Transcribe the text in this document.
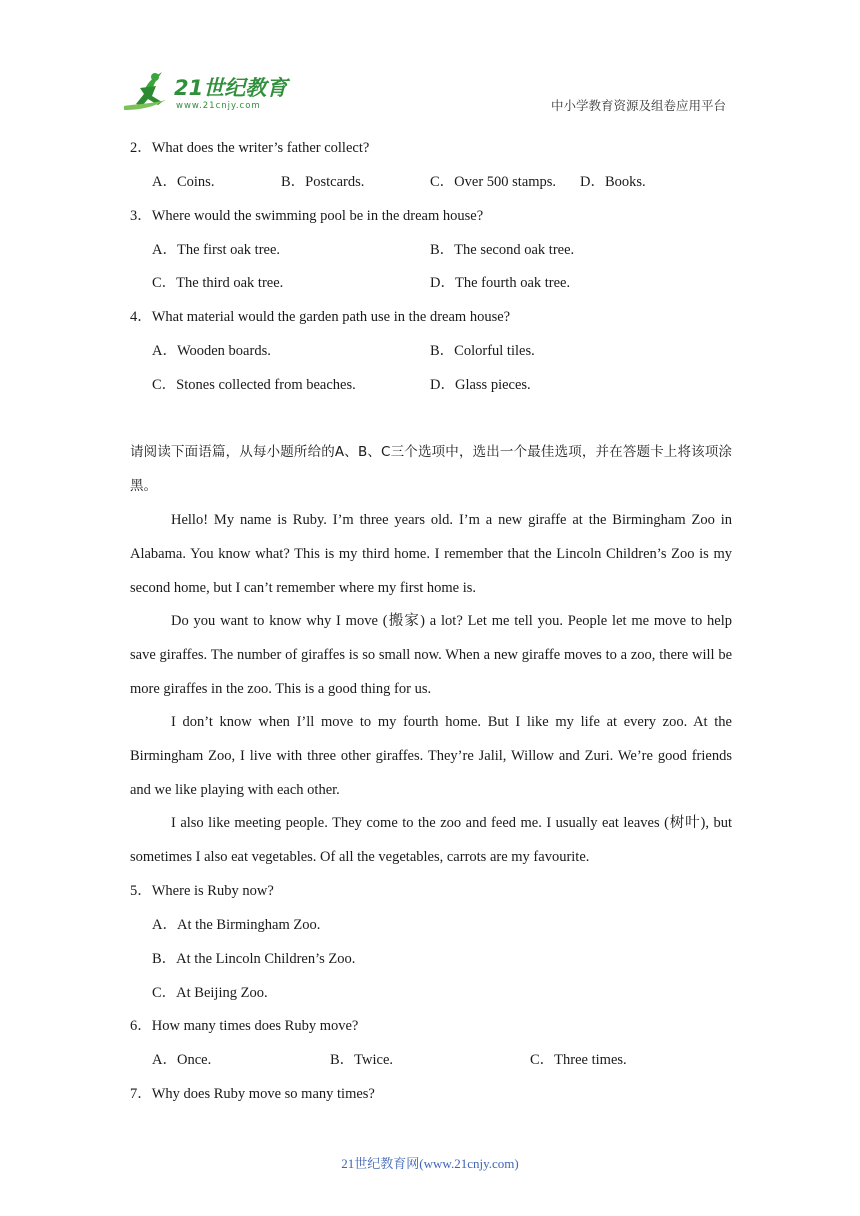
21世纪教育
www.21cnjy.com	中小学教育资源及组卷应用平台
2．What does the writer’s father collect?
A．Coins.	B．Postcards.	C．Over 500 stamps. D．Books.
3．Where would the swimming pool be in the dream house?
A．The first oak tree.	B．The second oak tree.
C．The third oak tree.	D．The fourth oak tree.
4．What material would the garden path use in the dream house?
A．Wooden boards.	B．Colorful tiles.
C．Stones collected from beaches.	D．Glass pieces.
请阅读下面语篇，从每小题所给的A、B、C三个选项中，选出一个最佳选项，并在答题卡上将该项涂黑。
Hello! My name is Ruby. I’m three years old. I’m a new giraffe at the Birmingham Zoo in Alabama. You know what? This is my third home. I remember that the Lincoln Children’s Zoo is my second home, but I can’t remember where my first home is.
Do you want to know why I move (搬家) a lot? Let me tell you. People let me move to help save giraffes. The number of giraffes is so small now. When a new giraffe moves to a zoo, there will be more giraffes in the zoo. This is a good thing for us.
I don’t know when I’ll move to my fourth home. But I like my life at every zoo. At the Birmingham Zoo, I live with three other giraffes. They’re Jalil, Willow and Zuri. We’re good friends and we like playing with each other.
I also like meeting people. They come to the zoo and feed me. I usually eat leaves (树叶), but sometimes I also eat vegetables. Of all the vegetables, carrots are my favourite.
5．Where is Ruby now?
A．At the Birmingham Zoo.
B．At the Lincoln Children’s Zoo.
C．At Beijing Zoo.
6．How many times does Ruby move?
A．Once.	B．Twice.	C．Three times.
7．Why does Ruby move so many times?
21世纪教育网(www.21cnjy.com)
